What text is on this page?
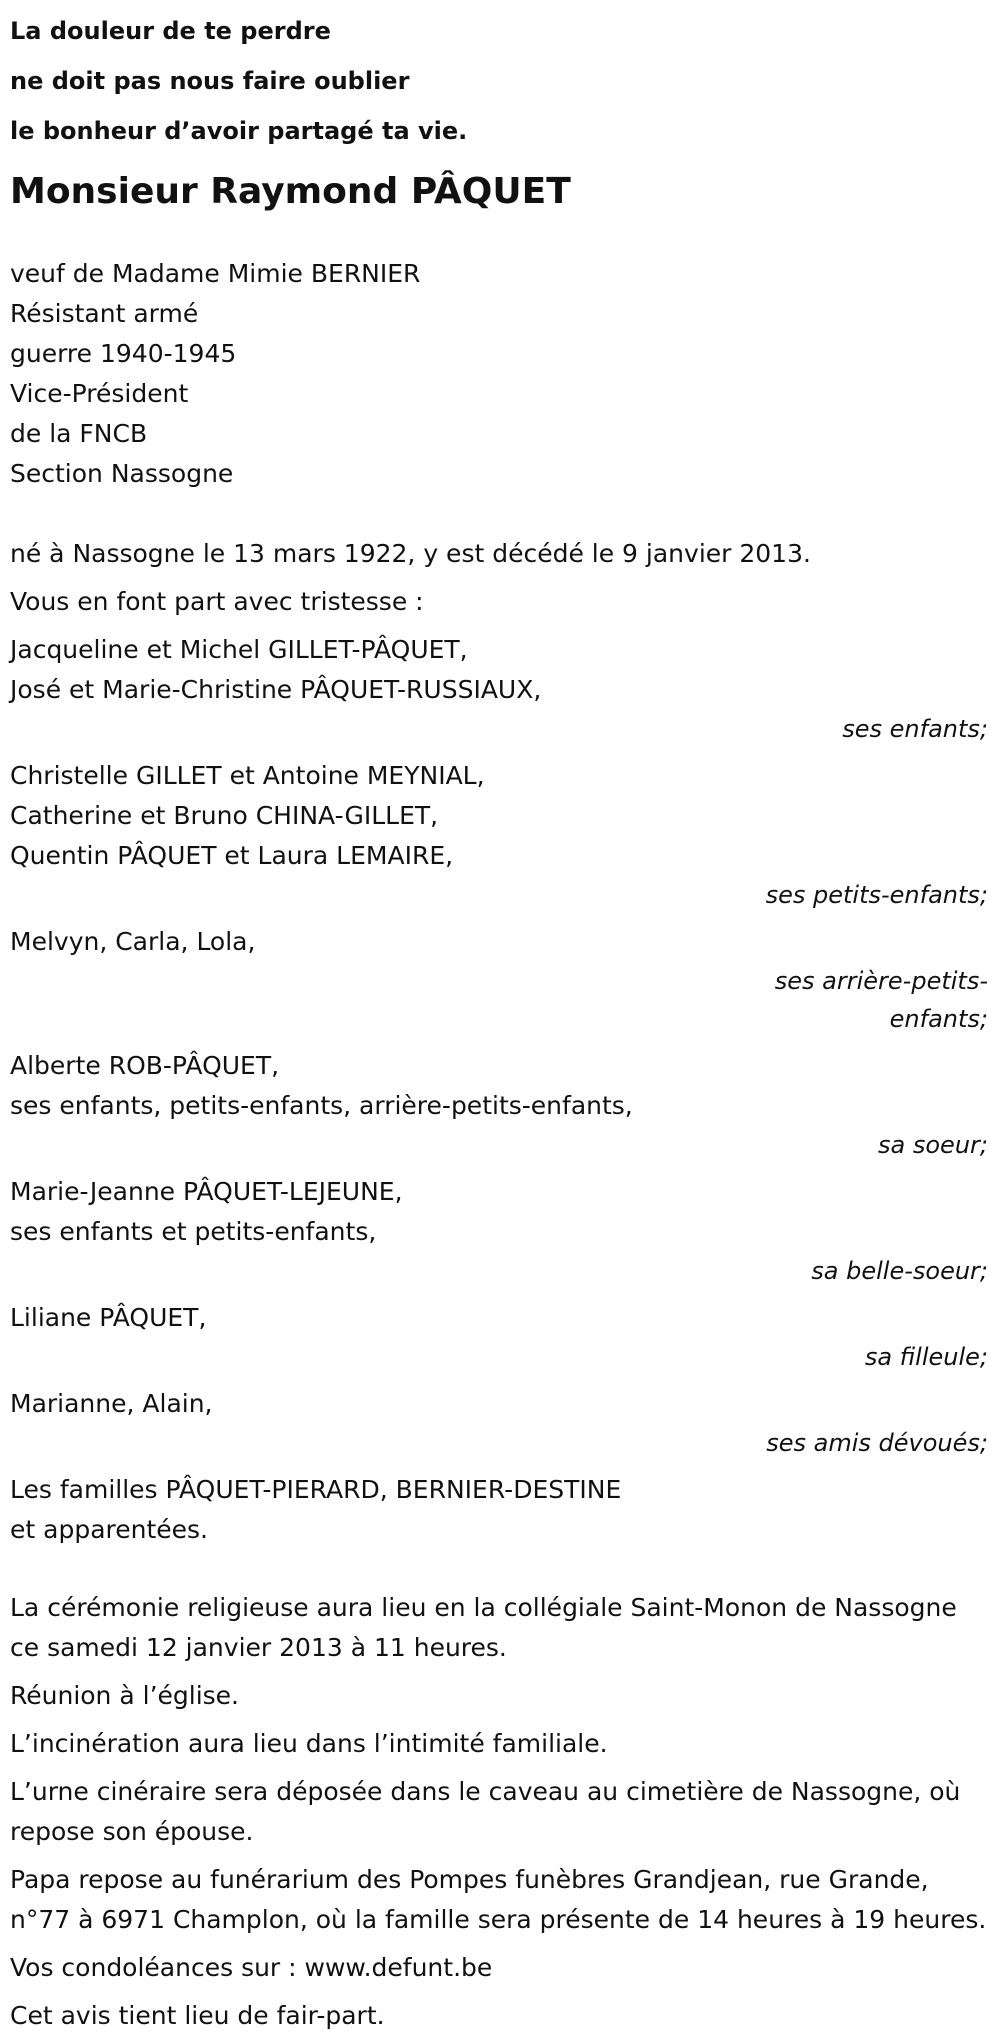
La douleur de te perdre
ne doit pas nous faire oublier
le bonheur d’avoir partagé ta vie.
Monsieur Raymond PÂQUET
veuf de Madame Mimie BERNIER
Résistant armé
guerre 1940-1945
Vice-Président
de la FNCB
Section Nassogne
né à Nassogne le 13 mars 1922, y est décédé le 9 janvier 2013.
Vous en font part avec tristesse :
Jacqueline et Michel GILLET-PÂQUET,
José et Marie-Christine PÂQUET-RUSSIAUX,
ses enfants;
Christelle GILLET et Antoine MEYNIAL,
Catherine et Bruno CHINA-GILLET,
Quentin PÂQUET et Laura LEMAIRE,
ses petits-enfants;
Melvyn, Carla, Lola,
ses arrière-petits-enfants;
Alberte ROB-PÂQUET,
ses enfants, petits-enfants, arrière-petits-enfants,
sa soeur;
Marie-Jeanne PÂQUET-LEJEUNE,
ses enfants et petits-enfants,
sa belle-soeur;
Liliane PÂQUET,
sa filleule;
Marianne, Alain,
ses amis dévoués;
Les familles PÂQUET-PIERARD, BERNIER-DESTINE
et apparentées.
La cérémonie religieuse aura lieu en la collégiale Saint-Monon de Nassogne ce samedi 12 janvier 2013 à 11 heures.
Réunion à l’église.
L’incinération aura lieu dans l’intimité familiale.
L’urne cinéraire sera déposée dans le caveau au cimetière de Nassogne, où repose son épouse.
Papa repose au funérarium des Pompes funèbres Grandjean, rue Grande, n°77 à 6971 Champlon, où la famille sera présente de 14 heures à 19 heures.
Vos condoléances sur : www.defunt.be
Cet avis tient lieu de fair-part.
